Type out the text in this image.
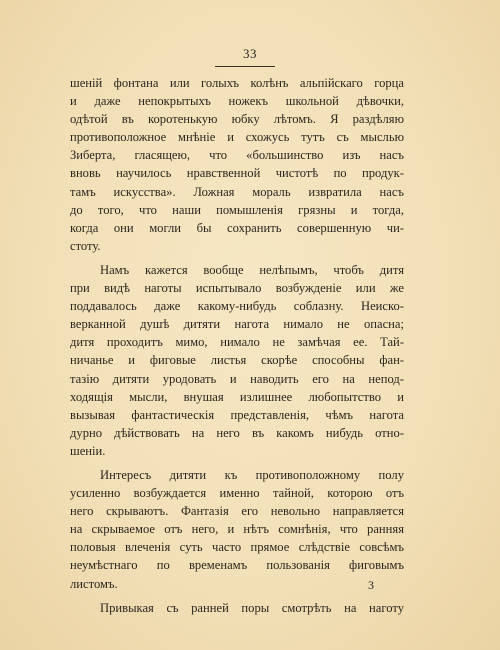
33
шеній фонтана или голыхъ колѣнъ альпійскаго горца
и даже непокрытыхъ ножекъ школьной дѣвочки,
одѣтой въ коротенькую юбку лѣтомъ. Я раздѣляю
противоположное мнѣніе и схожусь тутъ съ мыслью
Зиберта, гласящею, что «большинство изъ насъ
вновь научилось нравственной чистотѣ по продук-
тамъ искусства». Ложная мораль извратила насъ
до того, что наши помышленія грязны и тогда,
когда они могли бы сохранить совершенную чи-
стоту.
Намъ кажется вообще нелѣпымъ, чтобъ дитя
при видѣ наготы испытывало возбужденіе или же
поддавалось даже какому-нибудь соблазну. Неиско-
верканной душѣ дитяти нагота нимало не опасна;
дитя проходитъ мимо, нимало не замѣчая ее. Тай-
ничанье и фиговые листья скорѣе способны фан-
тазію дитяти уродовать и наводить его на непод-
ходящія мысли, внушая излишнее любопытство и
вызывая фантастическія представленія, чѣмъ нагота
дурно дѣйствовать на него въ какомъ нибудь отно-
шеніи.
Интересъ дитяти къ противоположному полу
усиленно возбуждается именно тайной, которою отъ
него скрываютъ. Фантазія его невольно направляется
на скрываемое отъ него, и нѣтъ сомнѣнія, что ранняя
половыя влеченія суть часто прямое слѣдствіе совсѣмъ
неумѣстнаго по временамъ пользованія фиговымъ
листомъ.
Привыкая съ ранней поры смотрѣть на наготу
3
